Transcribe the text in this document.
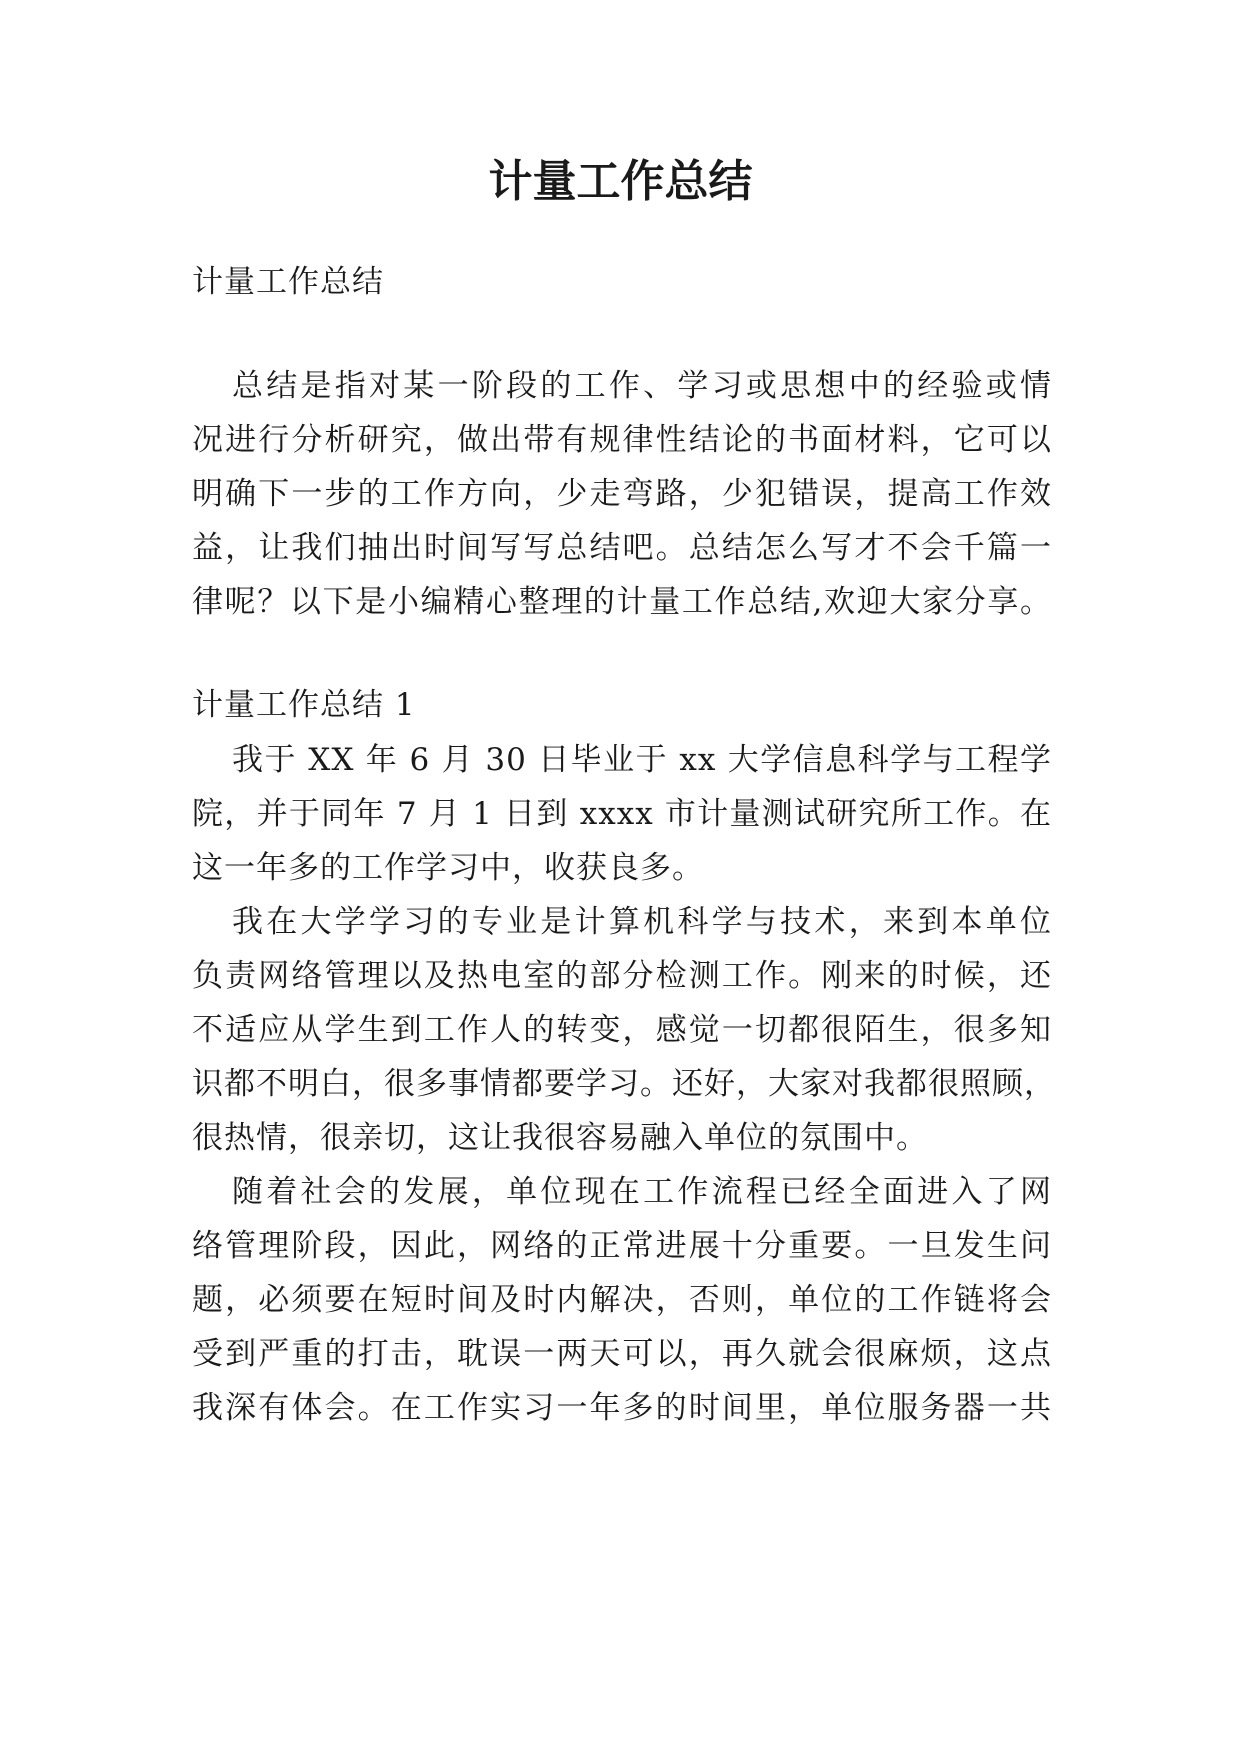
计量工作总结
计量工作总结
总结是指对某一阶段的工作、学习或思想中的经验或情
况进行分析研究，做出带有规律性结论的书面材料，它可以
明确下一步的工作方向，少走弯路，少犯错误，提高工作效
益，让我们抽出时间写写总结吧。总结怎么写才不会千篇一
律呢？以下是小编精心整理的计量工作总结,欢迎大家分享。
计量工作总结 1
我于 XX 年 6 月 30 日毕业于 xx 大学信息科学与工程学
院，并于同年 7 月 1 日到 xxxx 市计量测试研究所工作。在
这一年多的工作学习中，收获良多。
我在大学学习的专业是计算机科学与技术，来到本单位
负责网络管理以及热电室的部分检测工作。刚来的时候，还
不适应从学生到工作人的转变，感觉一切都很陌生，很多知
识都不明白，很多事情都要学习。还好，大家对我都很照顾，
很热情，很亲切，这让我很容易融入单位的氛围中。
随着社会的发展，单位现在工作流程已经全面进入了网
络管理阶段，因此，网络的正常进展十分重要。一旦发生问
题，必须要在短时间及时内解决，否则，单位的工作链将会
受到严重的打击，耽误一两天可以，再久就会很麻烦，这点
我深有体会。在工作实习一年多的时间里，单位服务器一共
